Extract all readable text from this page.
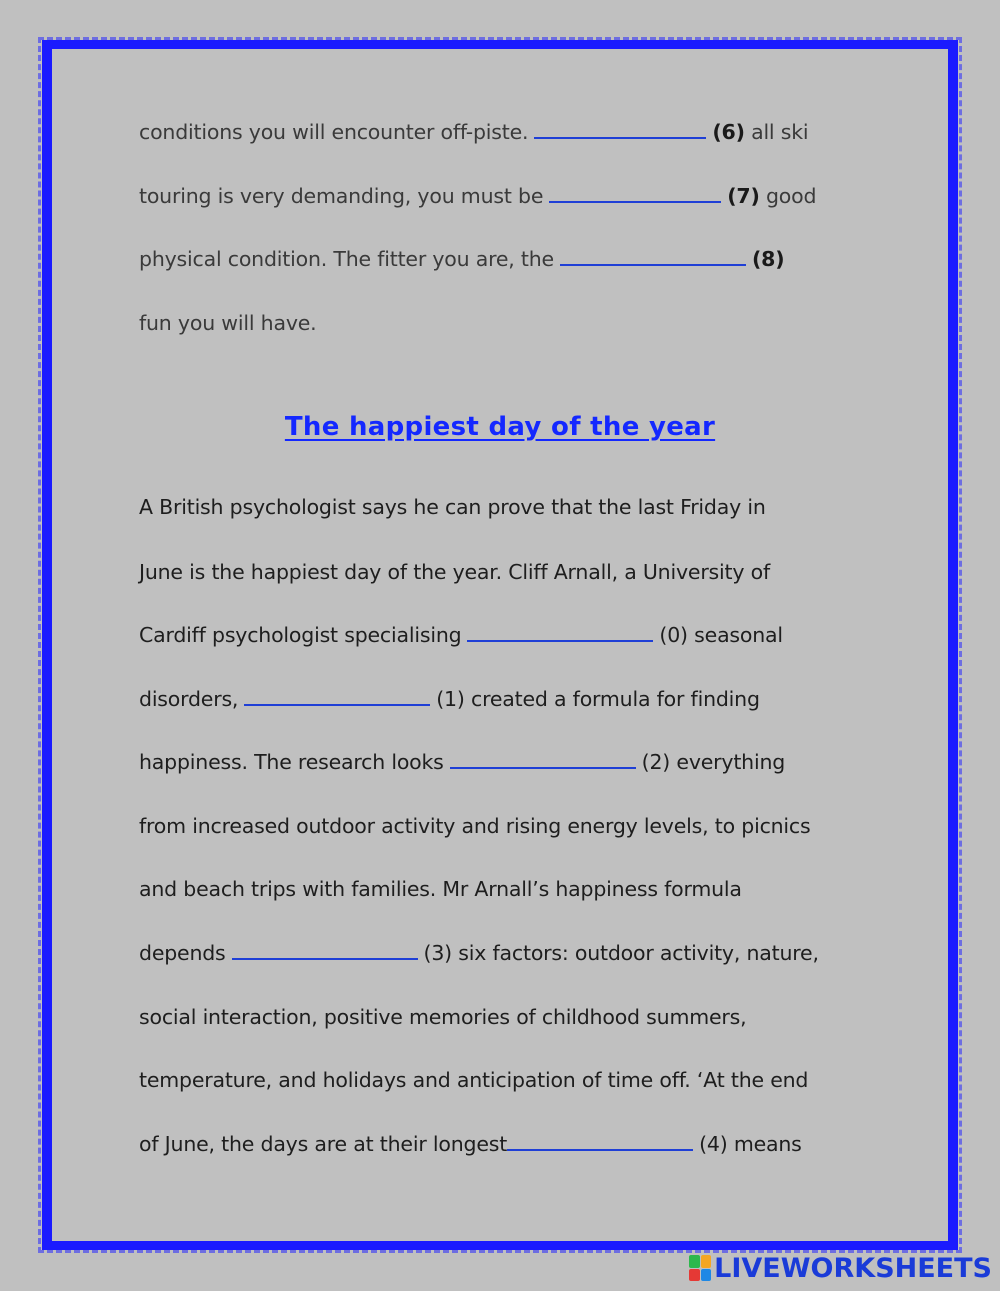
conditions you will encounter off-piste.	(6) all ski
touring is very demanding, you must be	(7) good
physical condition. The fitter you are, the	(8)
fun you will have.
The happiest day of the year
A British psychologist says he can prove that the last Friday in
June is the happiest day of the year. Cliff Arnall, a University of
Cardiff psychologist specialising	(0) seasonal
disorders,	(1) created a formula for finding
happiness. The research looks	(2) everything
from increased outdoor activity and rising energy levels, to picnics
and beach trips with families. Mr Arnall’s happiness formula
depends	(3) six factors: outdoor activity, nature,
social interaction, positive memories of childhood summers,
temperature, and holidays and anticipation of time off. ‘At the end
of June, the days are at their longest	(4) means
LIVEWORKSHEETS
